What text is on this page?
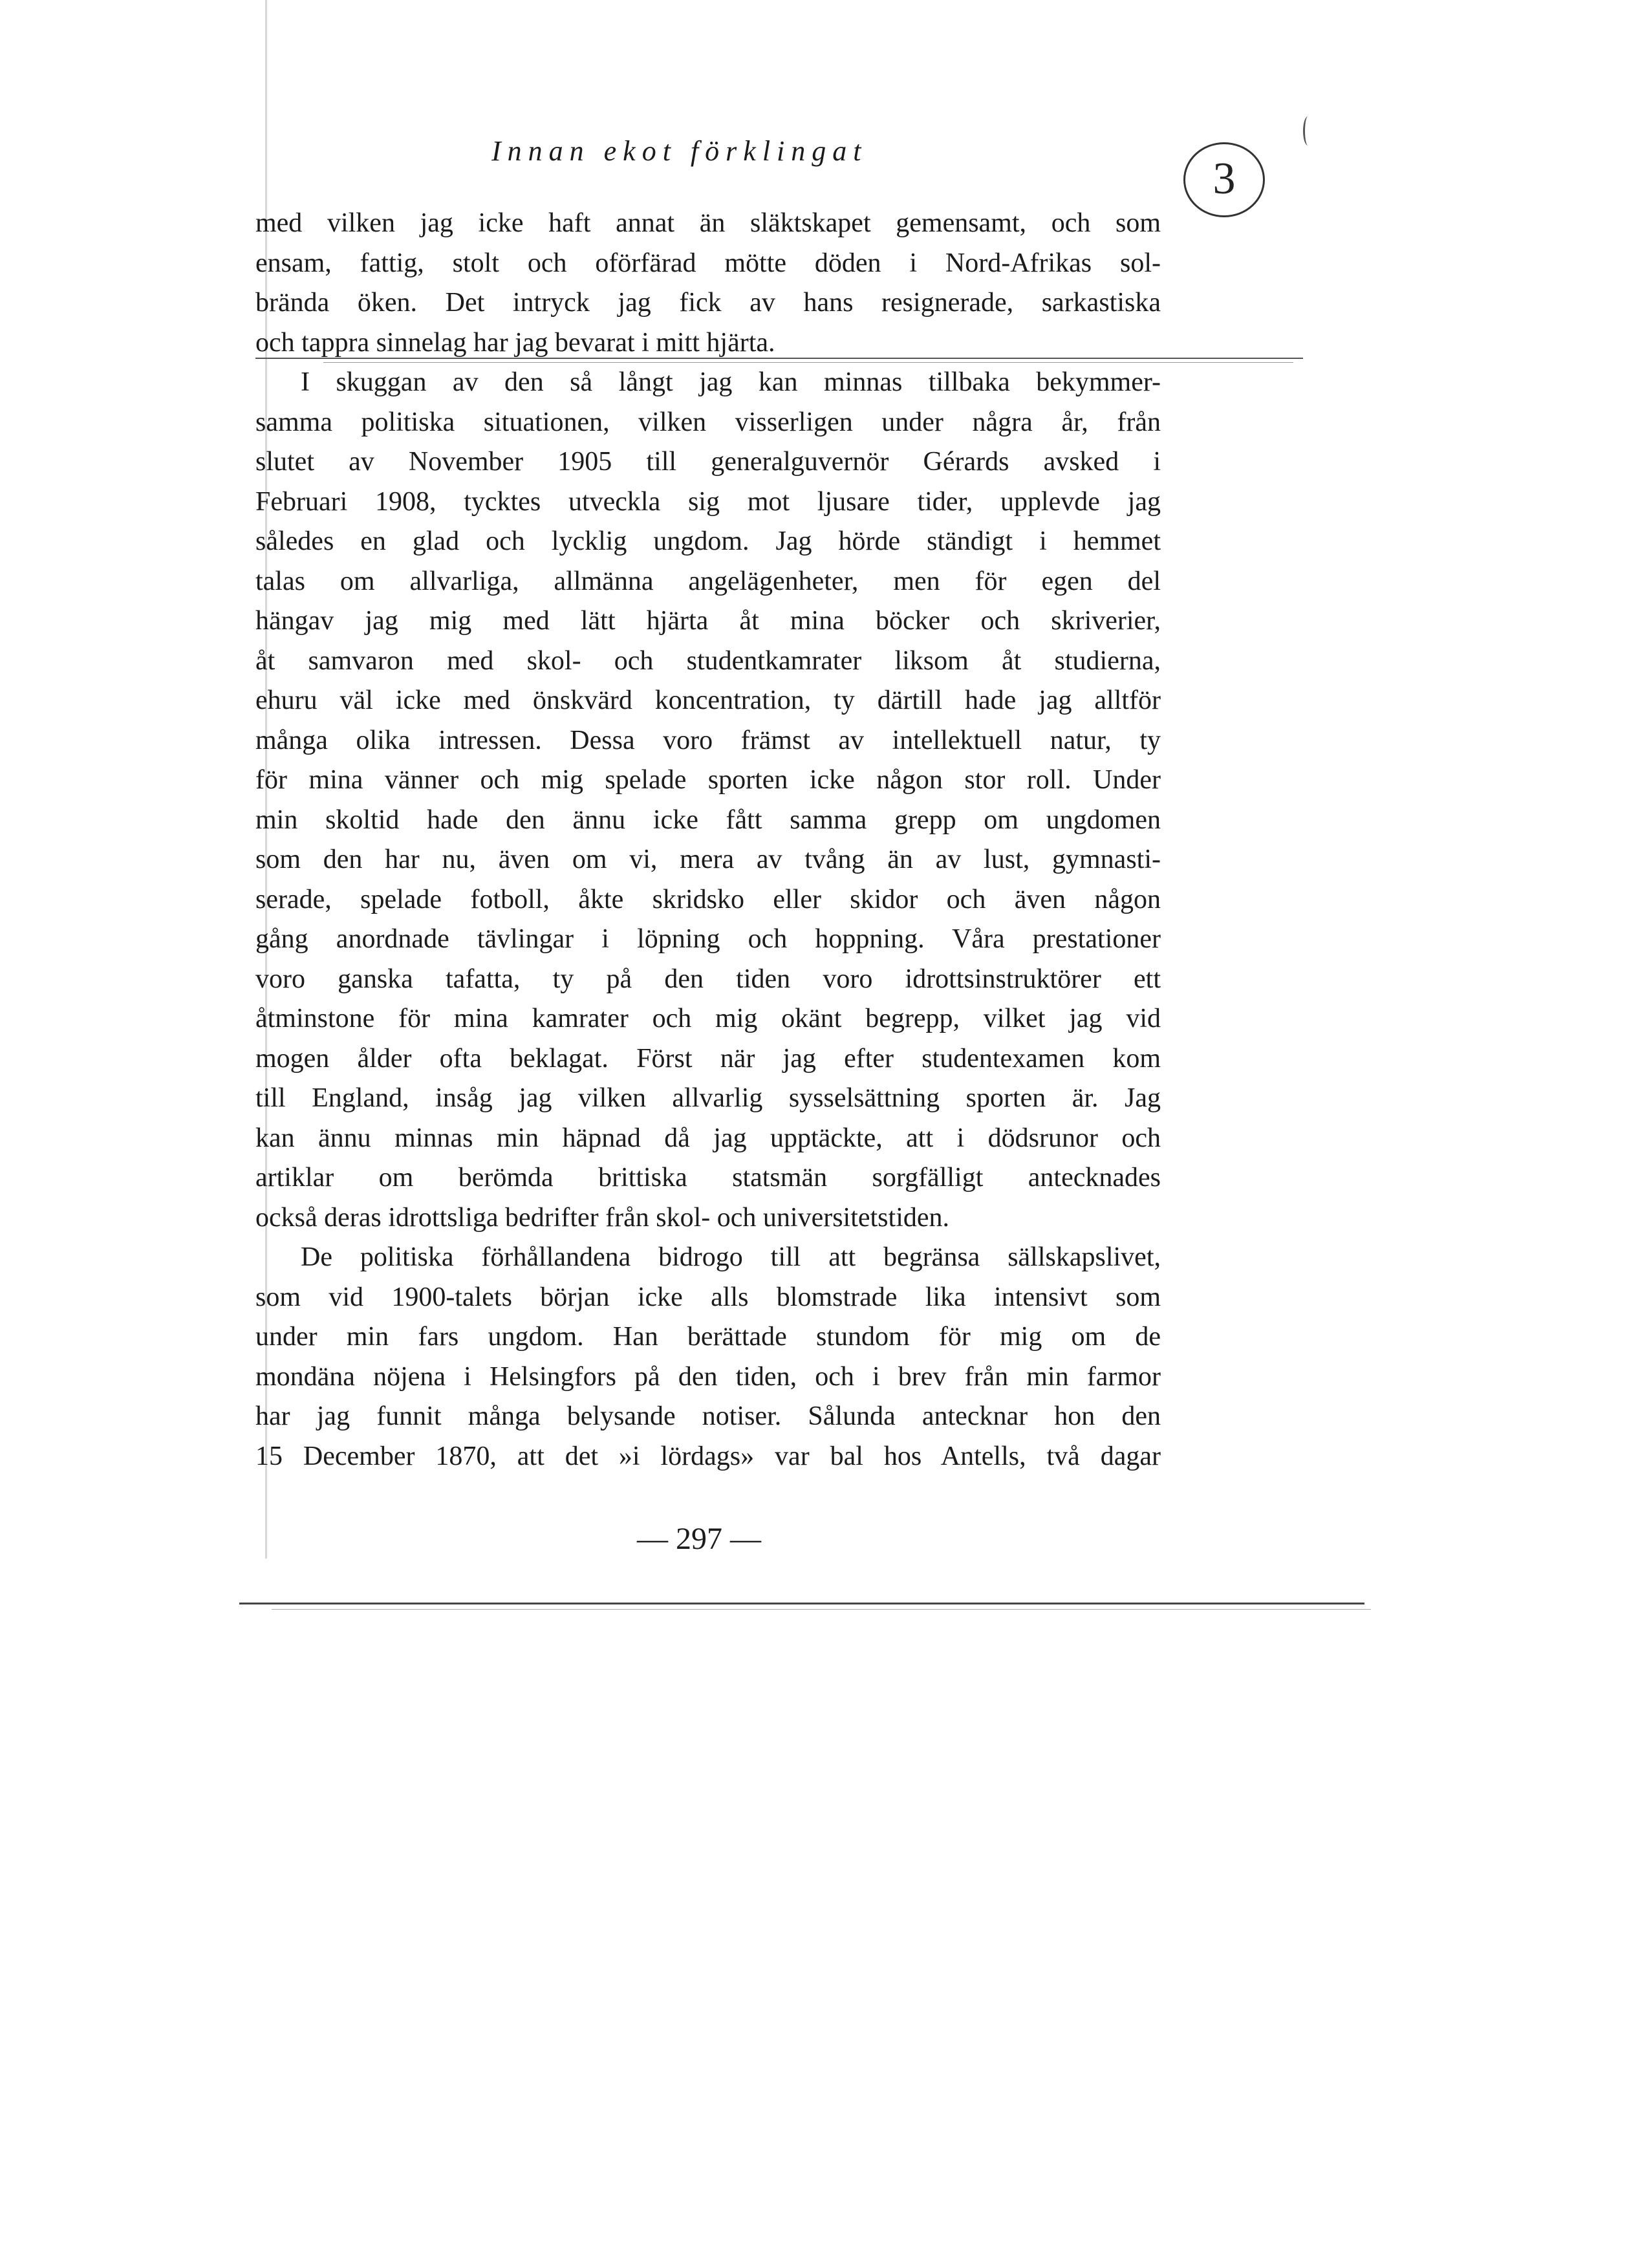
Innan ekot förklingat
3
med vilken jag icke haft annat än släktskapet gemensamt, och som
ensam, fattig, stolt och oförfärad mötte döden i Nord-Afrikas sol-
brända öken. Det intryck jag fick av hans resignerade, sarkastiska
och tappra sinnelag har jag bevarat i mitt hjärta.
I skuggan av den så långt jag kan minnas tillbaka bekymmer-
samma politiska situationen, vilken visserligen under några år, från
slutet av November 1905 till generalguvernör Gérards avsked i
Februari 1908, tycktes utveckla sig mot ljusare tider, upplevde jag
således en glad och lycklig ungdom. Jag hörde ständigt i hemmet
talas om allvarliga, allmänna angelägenheter, men för egen del
hängav jag mig med lätt hjärta åt mina böcker och skriverier,
åt samvaron med skol- och studentkamrater liksom åt studierna,
ehuru väl icke med önskvärd koncentration, ty därtill hade jag alltför
många olika intressen. Dessa voro främst av intellektuell natur, ty
för mina vänner och mig spelade sporten icke någon stor roll. Under
min skoltid hade den ännu icke fått samma grepp om ungdomen
som den har nu, även om vi, mera av tvång än av lust, gymnasti-
serade, spelade fotboll, åkte skridsko eller skidor och även någon
gång anordnade tävlingar i löpning och hoppning. Våra prestationer
voro ganska tafatta, ty på den tiden voro idrottsinstruktörer ett
åtminstone för mina kamrater och mig okänt begrepp, vilket jag vid
mogen ålder ofta beklagat. Först när jag efter studentexamen kom
till England, insåg jag vilken allvarlig sysselsättning sporten är. Jag
kan ännu minnas min häpnad då jag upptäckte, att i dödsrunor och
artiklar om berömda brittiska statsmän sorgfälligt antecknades
också deras idrottsliga bedrifter från skol- och universitetstiden.
De politiska förhållandena bidrogo till att begränsa sällskapslivet,
som vid 1900-talets början icke alls blomstrade lika intensivt som
under min fars ungdom. Han berättade stundom för mig om de
mondäna nöjena i Helsingfors på den tiden, och i brev från min farmor
har jag funnit många belysande notiser. Sålunda antecknar hon den
15 December 1870, att det »i lördags» var bal hos Antells, två dagar
— 297 —
